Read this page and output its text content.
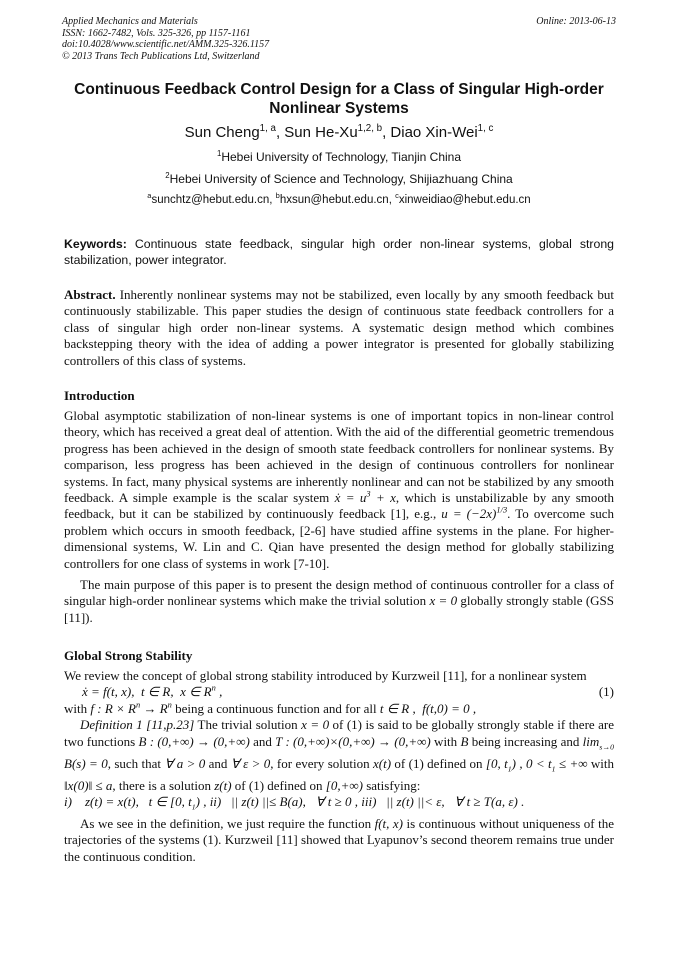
Applied Mechanics and Materials
ISSN: 1662-7482, Vols. 325-326, pp 1157-1161
doi:10.4028/www.scientific.net/AMM.325-326.1157
© 2013 Trans Tech Publications Ltd, Switzerland
Online: 2013-06-13
Continuous Feedback Control Design for a Class of Singular High-order
Nonlinear Systems
Sun Cheng$^{1, a}$, Sun He-Xu$^{1,2, b}$, Diao Xin-Wei$^{1, c}$
$^1$Hebei University of Technology, Tianjin China
$^2$Hebei University of Science and Technology, Shijiazhuang China
$^a$sunchtz@hebut.edu.cn, $^b$hxsun@hebut.edu.cn, $^c$xinweidiao@hebut.edu.cn
Keywords: Continuous state feedback, singular high order non-linear systems, global strong stabilization, power integrator.
Abstract. Inherently nonlinear systems may not be stabilized, even locally by any smooth feedback but continuously stabilizable. This paper studies the design of continuous state feedback controllers for a class of singular high order non-linear systems. A systematic design method which combines backstepping theory with the idea of adding a power integrator is presented for globally stabilizing controllers of this class of systems.
Introduction
Global asymptotic stabilization of non-linear systems is one of important topics in non-linear control theory, which has received a great deal of attention. With the aid of the differential geometric tremendous progress has been achieved in the design of smooth state feedback controllers for nonlinear systems. By comparison, less progress has been achieved in the design of continuous controllers for nonlinear systems. In fact, many physical systems are inherently nonlinear and can not be stabilized by any smooth feedback. A simple example is the scalar system ẋ = $u^3 + x$, which is unstabilizable by any smooth feedback, but it can be stabilized by continuously feedback [1], e.g., $u = (-2x)^{1/3}$. To overcome such problem which occurs in smooth feedback, [2-6] have studied affine systems in the plane. For higher-dimensional systems, W. Lin and C. Qian have presented the design method for globally stabilizing controllers for one class of systems in work [7-10].
The main purpose of this paper is to present the design method of continuous controller for a class of singular high-order nonlinear systems which make the trivial solution x = 0 globally strongly stable (GSS [11]).
Global Strong Stability
We review the concept of global strong stability introduced by Kurzweil [11], for a nonlinear system
ẋ = f(t, x),  t ∈ R,  x ∈ $R^n$ ,	(1)
with f : $R \times R^n \to R^n$ being a continuous function and for all t ∈ R ,  f(t,0) = 0 ,
Definition 1 [11,p.23] The trivial solution x = 0 of (1) is said to be globally strongly stable if there are two functions B : (0,+∞) → (0,+∞) and T : (0,+∞)×(0,+∞) → (0,+∞) with B being increasing and $\lim_{s\to 0} B(s) = 0$, such that ∀ a > 0 and ∀ ε > 0, for every solution x(t) of (1) defined on [0, $t_1$) , $0 < t_1$ ≤ +∞ with ‖x(0)‖ ≤ a, there is a solution z(t) of (1) defined on [0,+∞) satisfying:
i)    z(t) = x(t),   t ∈ [0, $t_1$) , ii)   || z(t) ||≤ B(a),   ∀ t ≥ 0 , iii)   || z(t) ||< ε,   ∀ t ≥ T(a, ε) .
As we see in the definition, we just require the function f(t, x) is continuous without uniqueness of the trajectories of the systems (1). Kurzweil [11] showed that Lyapunov’s second theorem remains true under the continuous condition.
